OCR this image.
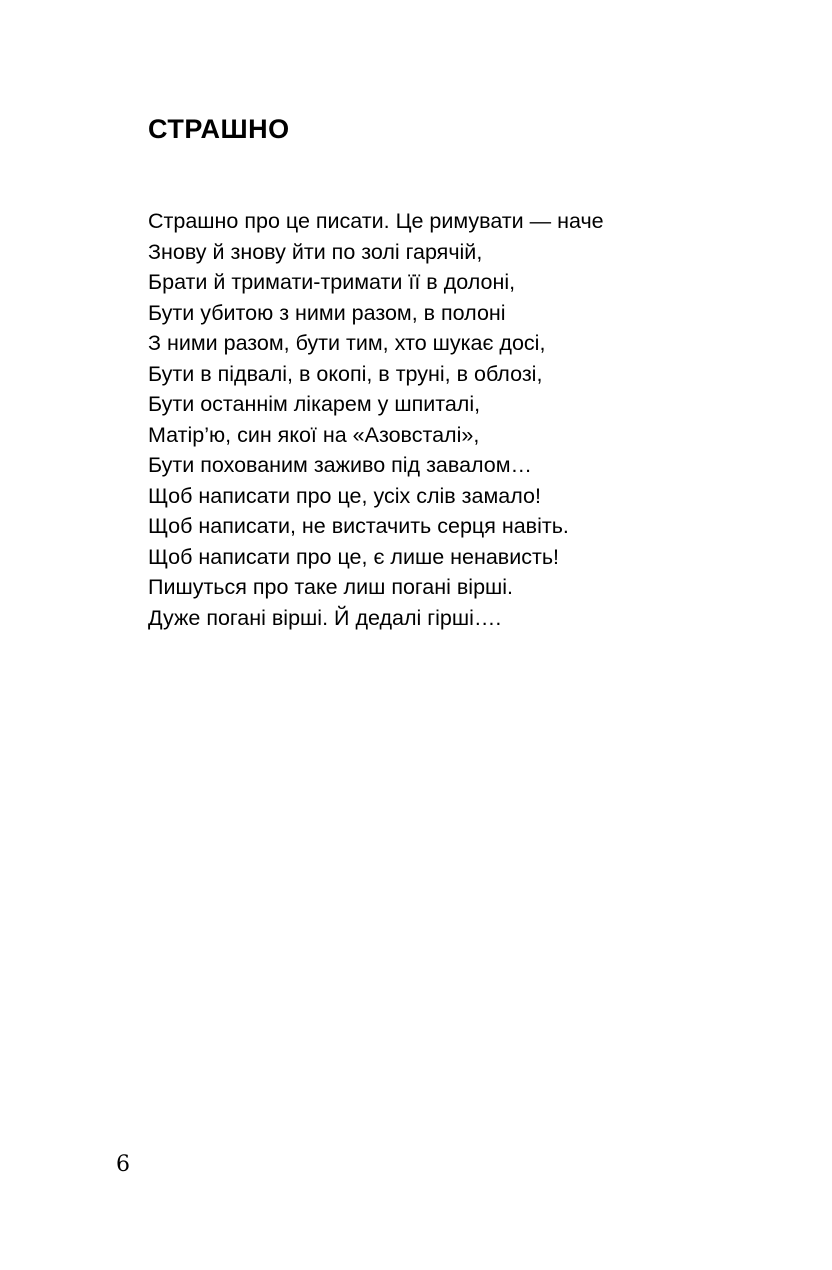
СТРАШНО
Страшно про це писати. Це римувати — наче
Знову й знову йти по золі гарячій,
Брати й тримати-тримати її в долоні,
Бути убитою з ними разом, в полоні
З ними разом, бути тим, хто шукає досі,
Бути в підвалі, в окопі, в труні, в облозі,
Бути останнім лікарем у шпиталі,
Матір’ю, син якої на «Азовсталі»,
Бути похованим заживо під завалом…
Щоб написати про це, усіх слів замало!
Щоб написати, не вистачить серця навіть.
Щоб написати про це, є лише ненависть!
Пишуться про таке лиш погані вірші.
Дуже погані вірші. Й дедалі гірші….
6
